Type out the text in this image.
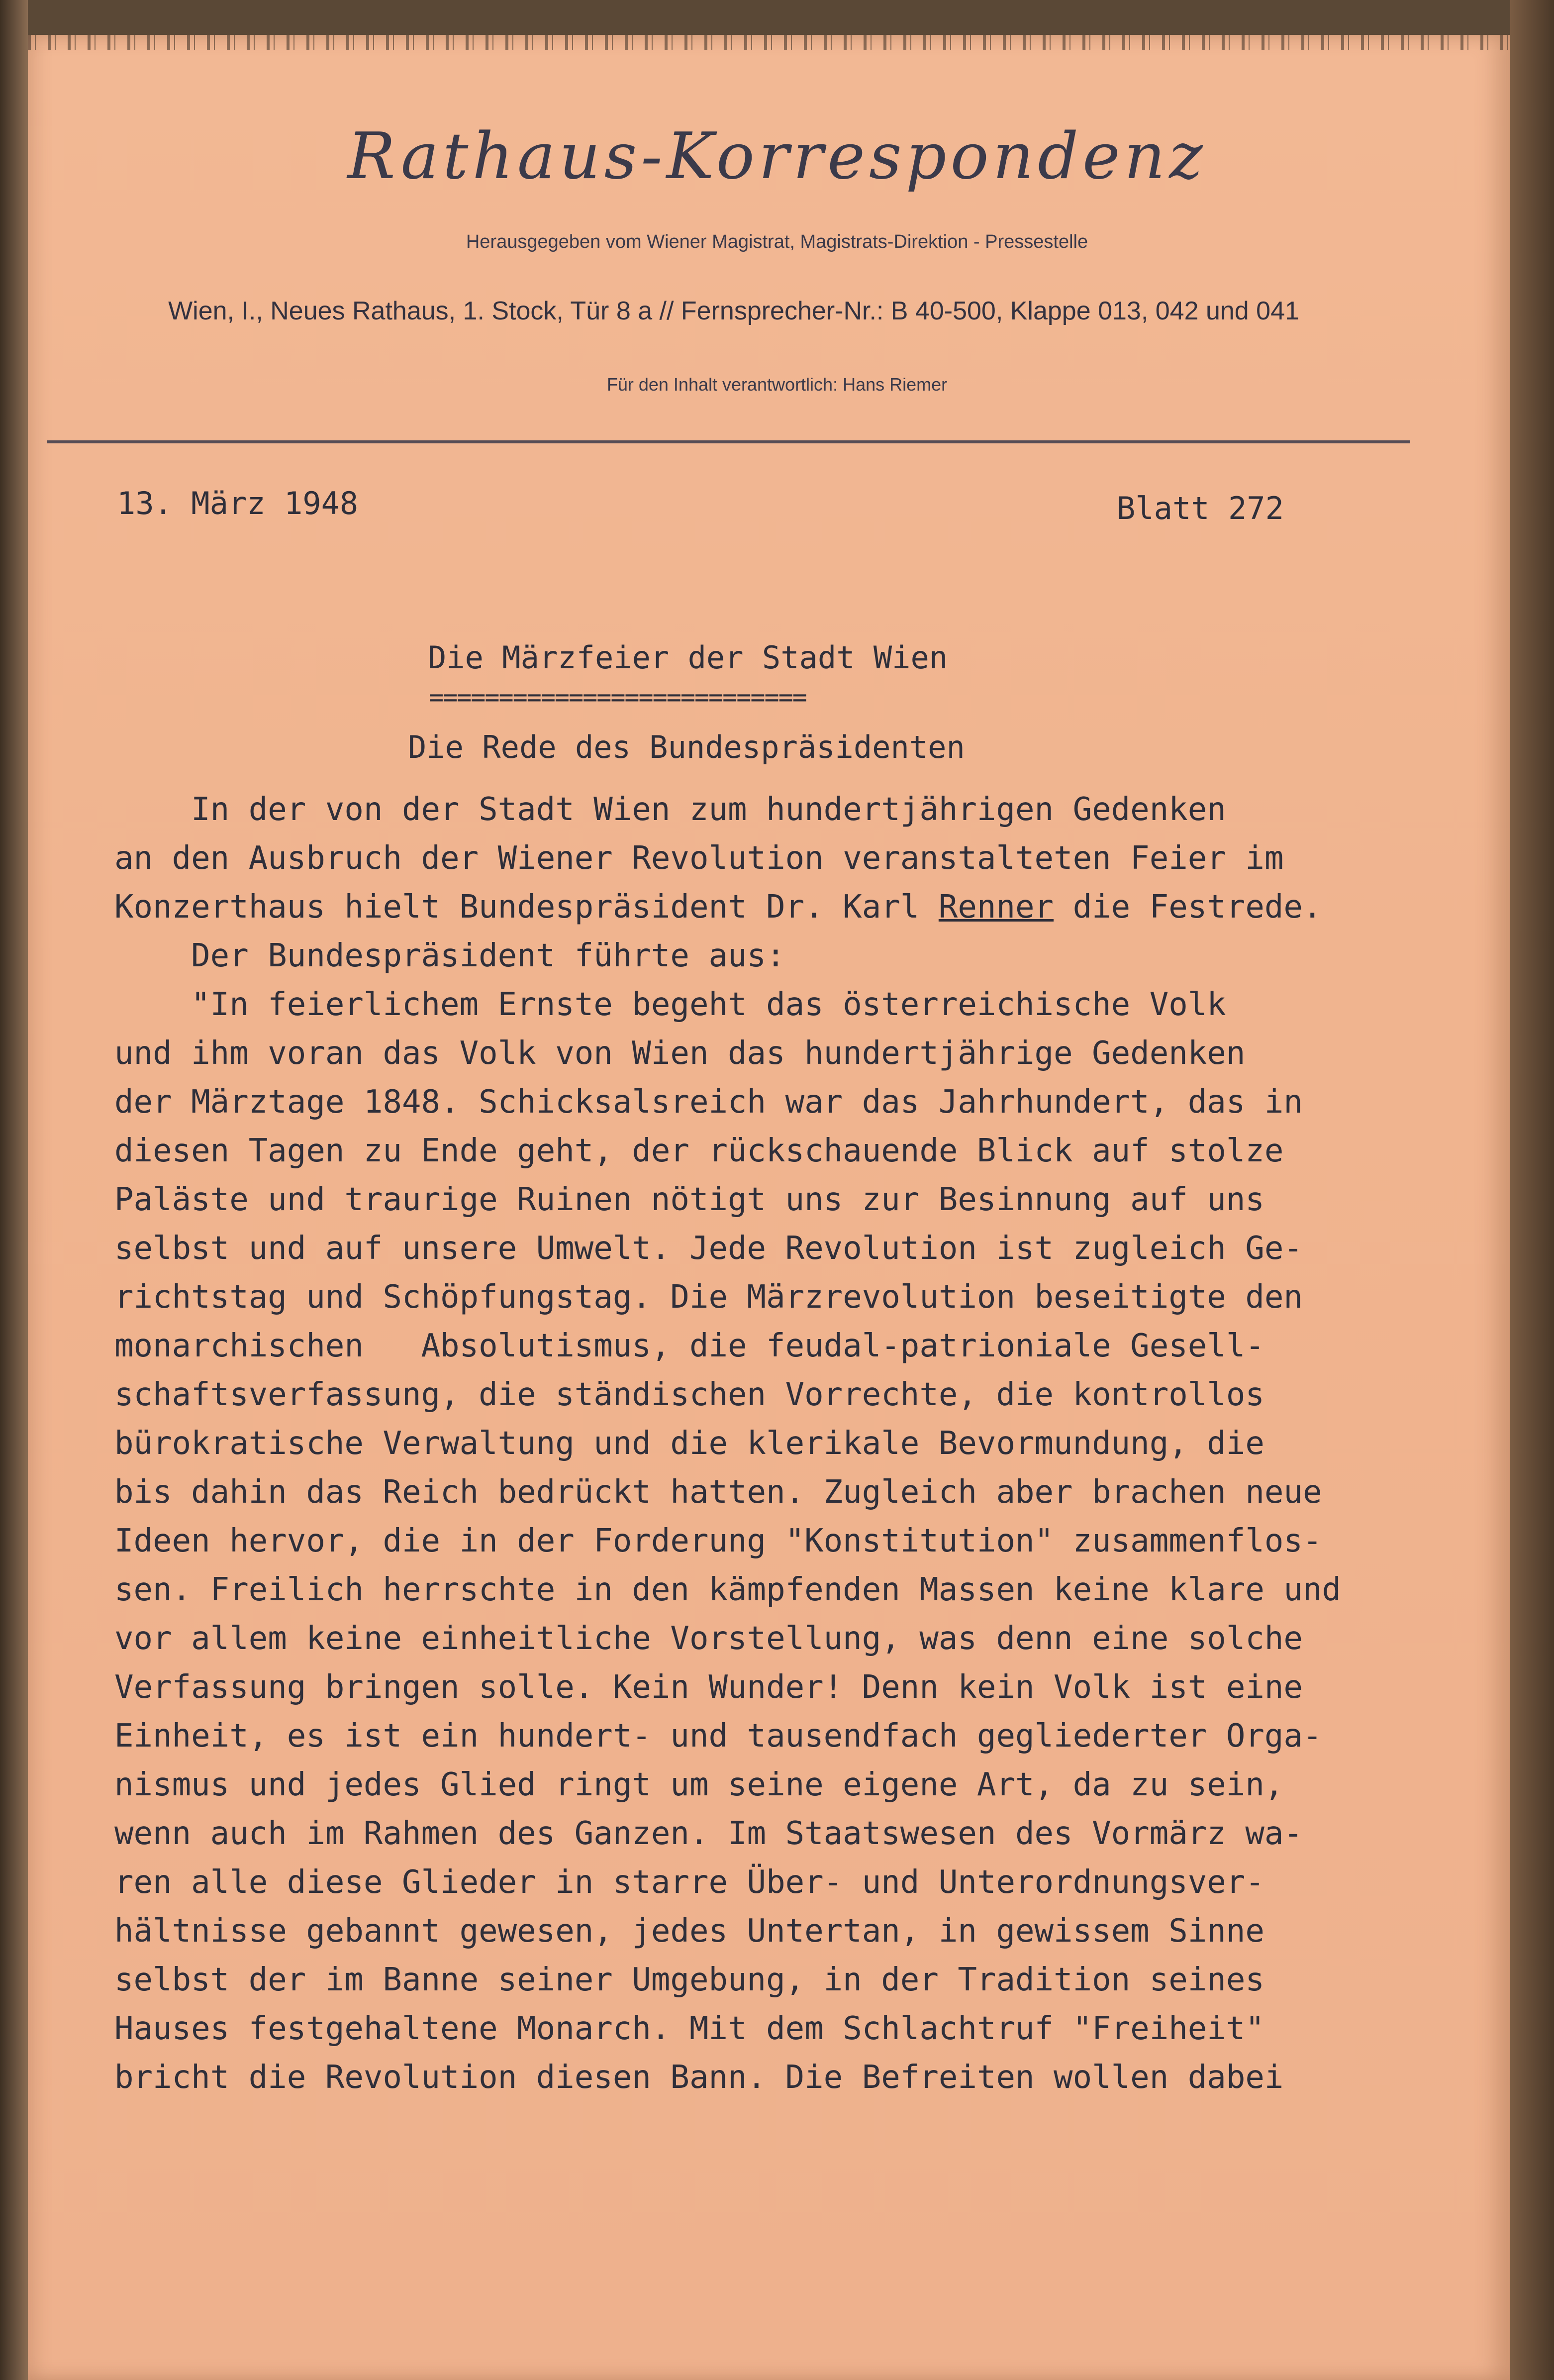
Rathaus-Korrespondenz
Herausgegeben vom Wiener Magistrat, Magistrats-Direktion - Pressestelle
Wien, I., Neues Rathaus, 1. Stock, Tür 8 a // Fernsprecher-Nr.: B 40-500, Klappe 013, 042 und 041
Für den Inhalt verantwortlich: Hans Riemer
13. März 1948	Blatt 272
Die Märzfeier der Stadt Wien
===========================
Die Rede des Bundespräsidenten
In der von der Stadt Wien zum hundertjährigen Gedenken
an den Ausbruch der Wiener Revolution veranstalteten Feier im
Konzerthaus hielt Bundespräsident Dr. Karl Renner die Festrede.
Der Bundespräsident führte aus:
"In feierlichem Ernste begeht das österreichische Volk
und ihm voran das Volk von Wien das hundertjährige Gedenken
der Märztage 1848. Schicksalsreich war das Jahrhundert, das in
diesen Tagen zu Ende geht, der rückschauende Blick auf stolze
Paläste und traurige Ruinen nötigt uns zur Besinnung auf uns
selbst und auf unsere Umwelt. Jede Revolution ist zugleich Ge-
richtstag und Schöpfungstag. Die Märzrevolution beseitigte den
monarchischen   Absolutismus, die feudal-patrioniale Gesell-
schaftsverfassung, die ständischen Vorrechte, die kontrollos
bürokratische Verwaltung und die klerikale Bevormundung, die
bis dahin das Reich bedrückt hatten. Zugleich aber brachen neue
Ideen hervor, die in der Forderung "Konstitution" zusammenflos-
sen. Freilich herrschte in den kämpfenden Massen keine klare und
vor allem keine einheitliche Vorstellung, was denn eine solche
Verfassung bringen solle. Kein Wunder! Denn kein Volk ist eine
Einheit, es ist ein hundert- und tausendfach gegliederter Orga-
nismus und jedes Glied ringt um seine eigene Art, da zu sein,
wenn auch im Rahmen des Ganzen. Im Staatswesen des Vormärz wa-
ren alle diese Glieder in starre Über- und Unterordnungsver-
hältnisse gebannt gewesen, jedes Untertan, in gewissem Sinne
selbst der im Banne seiner Umgebung, in der Tradition seines
Hauses festgehaltene Monarch. Mit dem Schlachtruf "Freiheit"
bricht die Revolution diesen Bann. Die Befreiten wollen dabei
